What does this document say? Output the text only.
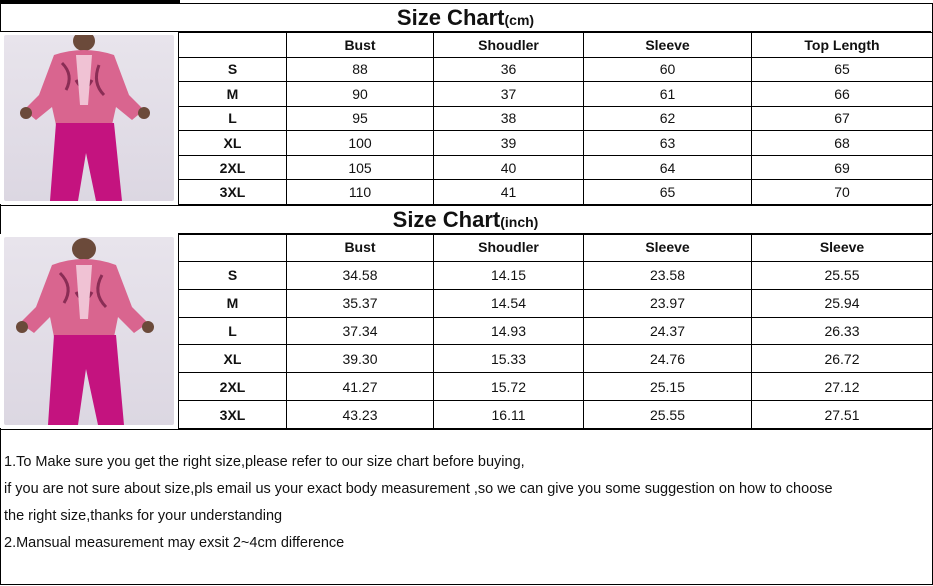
Size Chart(cm)
	Bust	Shoudler	Sleeve	Top Length
S	88	36	60	65
M	90	37	61	66
L	95	38	62	67
XL	100	39	63	68
2XL	105	40	64	69
3XL	110	41	65	70
Size Chart(inch)
	Bust	Shoudler	Sleeve	Sleeve
S	34.58	14.15	23.58	25.55
M	35.37	14.54	23.97	25.94
L	37.34	14.93	24.37	26.33
XL	39.30	15.33	24.76	26.72
2XL	41.27	15.72	25.15	27.12
3XL	43.23	16.11	25.55	27.51
1.To Make sure you get the right size,please refer to our size chart before buying,
if you are not sure about size,pls email us your exact body measurement ,so we can give you some suggestion on how to choose
the right size,thanks for your understanding
2.Mansual measurement may exsit 2~4cm difference
